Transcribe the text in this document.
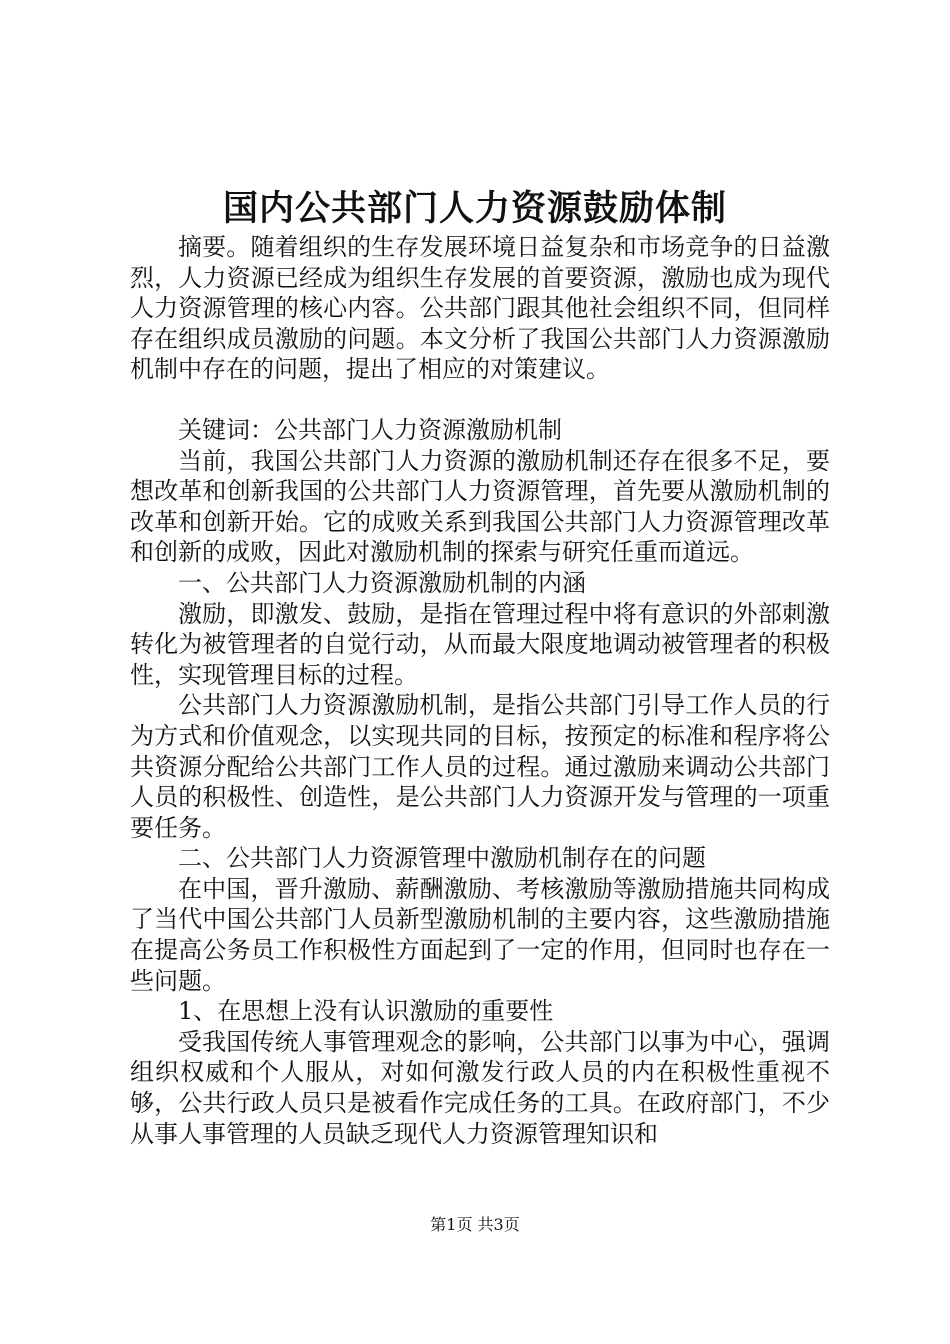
国内公共部门人力资源鼓励体制

摘要。随着组织的生存发展环境日益复杂和市场竞争的日益激烈，人力资源已经成为组织生存发展的首要资源，激励也成为现代人力资源管理的核心内容。公共部门跟其他社会组织不同，但同样存在组织成员激励的问题。本文分析了我国公共部门人力资源激励机制中存在的问题，提出了相应的对策建议。

关键词：公共部门人力资源激励机制

当前，我国公共部门人力资源的激励机制还存在很多不足，要想改革和创新我国的公共部门人力资源管理，首先要从激励机制的改革和创新开始。它的成败关系到我国公共部门人力资源管理改革和创新的成败，因此对激励机制的探索与研究任重而道远。

一、公共部门人力资源激励机制的内涵

激励，即激发、鼓励，是指在管理过程中将有意识的外部刺激转化为被管理者的自觉行动，从而最大限度地调动被管理者的积极性，实现管理目标的过程。

公共部门人力资源激励机制，是指公共部门引导工作人员的行为方式和价值观念，以实现共同的目标，按预定的标准和程序将公共资源分配给公共部门工作人员的过程。通过激励来调动公共部门人员的积极性、创造性，是公共部门人力资源开发与管理的一项重要任务。

二、公共部门人力资源管理中激励机制存在的问题

在中国，晋升激励、薪酬激励、考核激励等激励措施共同构成了当代中国公共部门人员新型激励机制的主要内容，这些激励措施在提高公务员工作积极性方面起到了一定的作用，但同时也存在一些问题。

1、在思想上没有认识激励的重要性

受我国传统人事管理观念的影响，公共部门以事为中心，强调组织权威和个人服从，对如何激发行政人员的内在积极性重视不够，公共行政人员只是被看作完成任务的工具。在政府部门，不少从事人事管理的人员缺乏现代人力资源管理知识和

第1页 共3页
